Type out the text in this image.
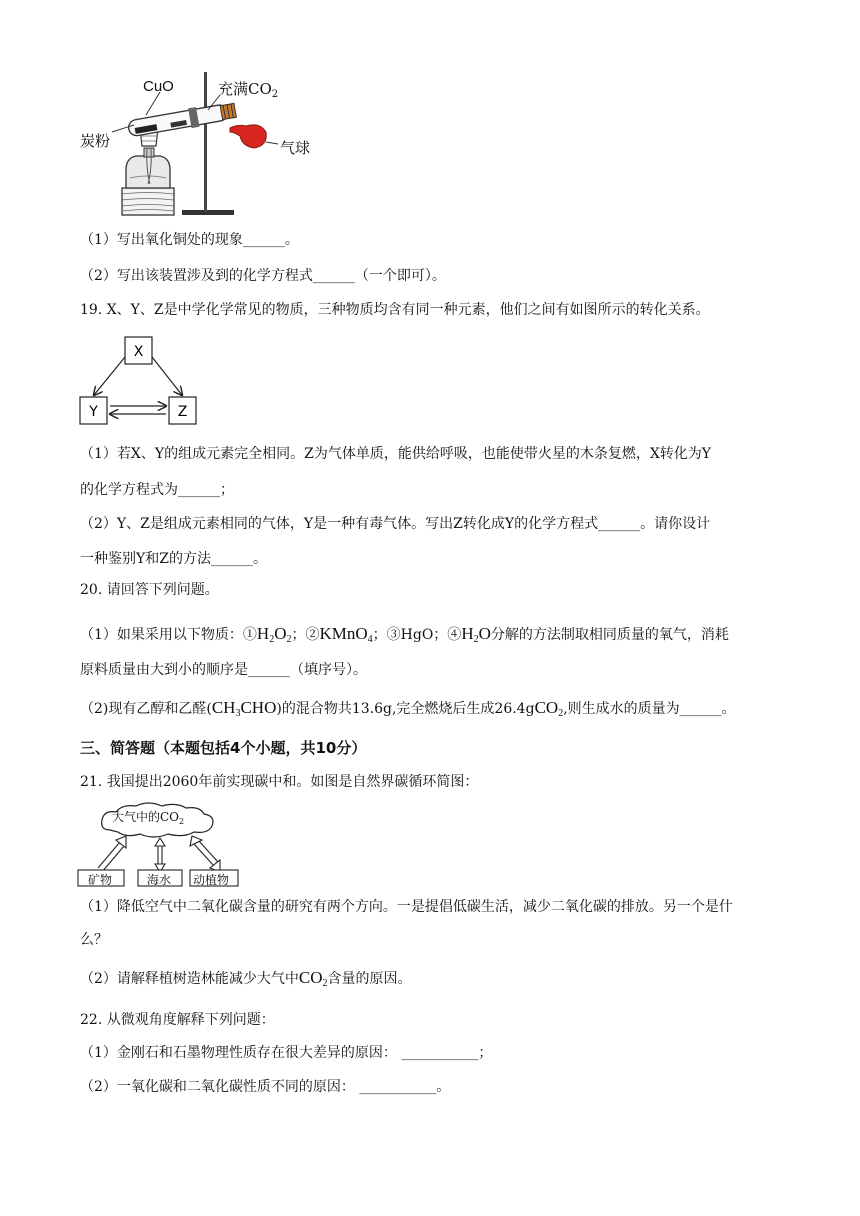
CuO	充满$CO_2$
炭粉	气球
（1）写出氧化铜处的现象______。
（2）写出该装置涉及到的化学方程式______（一个即可）。
19. X、Y、Z是中学化学常见的物质，三种物质均含有同一种元素，他们之间有如图所示的转化关系。
X
Y	Z
（1）若X、Y的组成元素完全相同。Z为气体单质，能供给呼吸，也能使带火星的木条复燃，X转化为Y
的化学方程式为______；
（2）Y、Z是组成元素相同的气体，Y是一种有毒气体。写出Z转化成Y的化学方程式______。请你设计
一种鉴别Y和Z的方法______。
20. 请回答下列问题。
（1）如果采用以下物质：$①H_2O_2$；②KMnO$_4$；③HgO；$④H_2O$分解的方法制取相同质量的氧气，消耗
原料质量由大到小的顺序是______（填序号）。
（2)现有乙醇和乙醛$(CH_3CHO)$的混合物共13.6g,完全燃烧后生成26.4gCO$_2$,则生成水的质量为______。
三、简答题（本题包括4个小题，共10分）
21. 我国提出2060年前实现碳中和。如图是自然界碳循环简图：
大气中的$CO_2$
矿物	海水 动植物
（1）降低空气中二氧化碳含量的研究有两个方向。一是提倡低碳生活，减少二氧化碳的排放。另一个是什
么？
（2）请解释植树造林能减少大气中$CO_2$含量的原因。
22. 从微观角度解释下列问题：
（1）金刚石和石墨物理性质存在很大差异的原因： ___________；
（2）一氧化碳和二氧化碳性质不同的原因： ___________。
